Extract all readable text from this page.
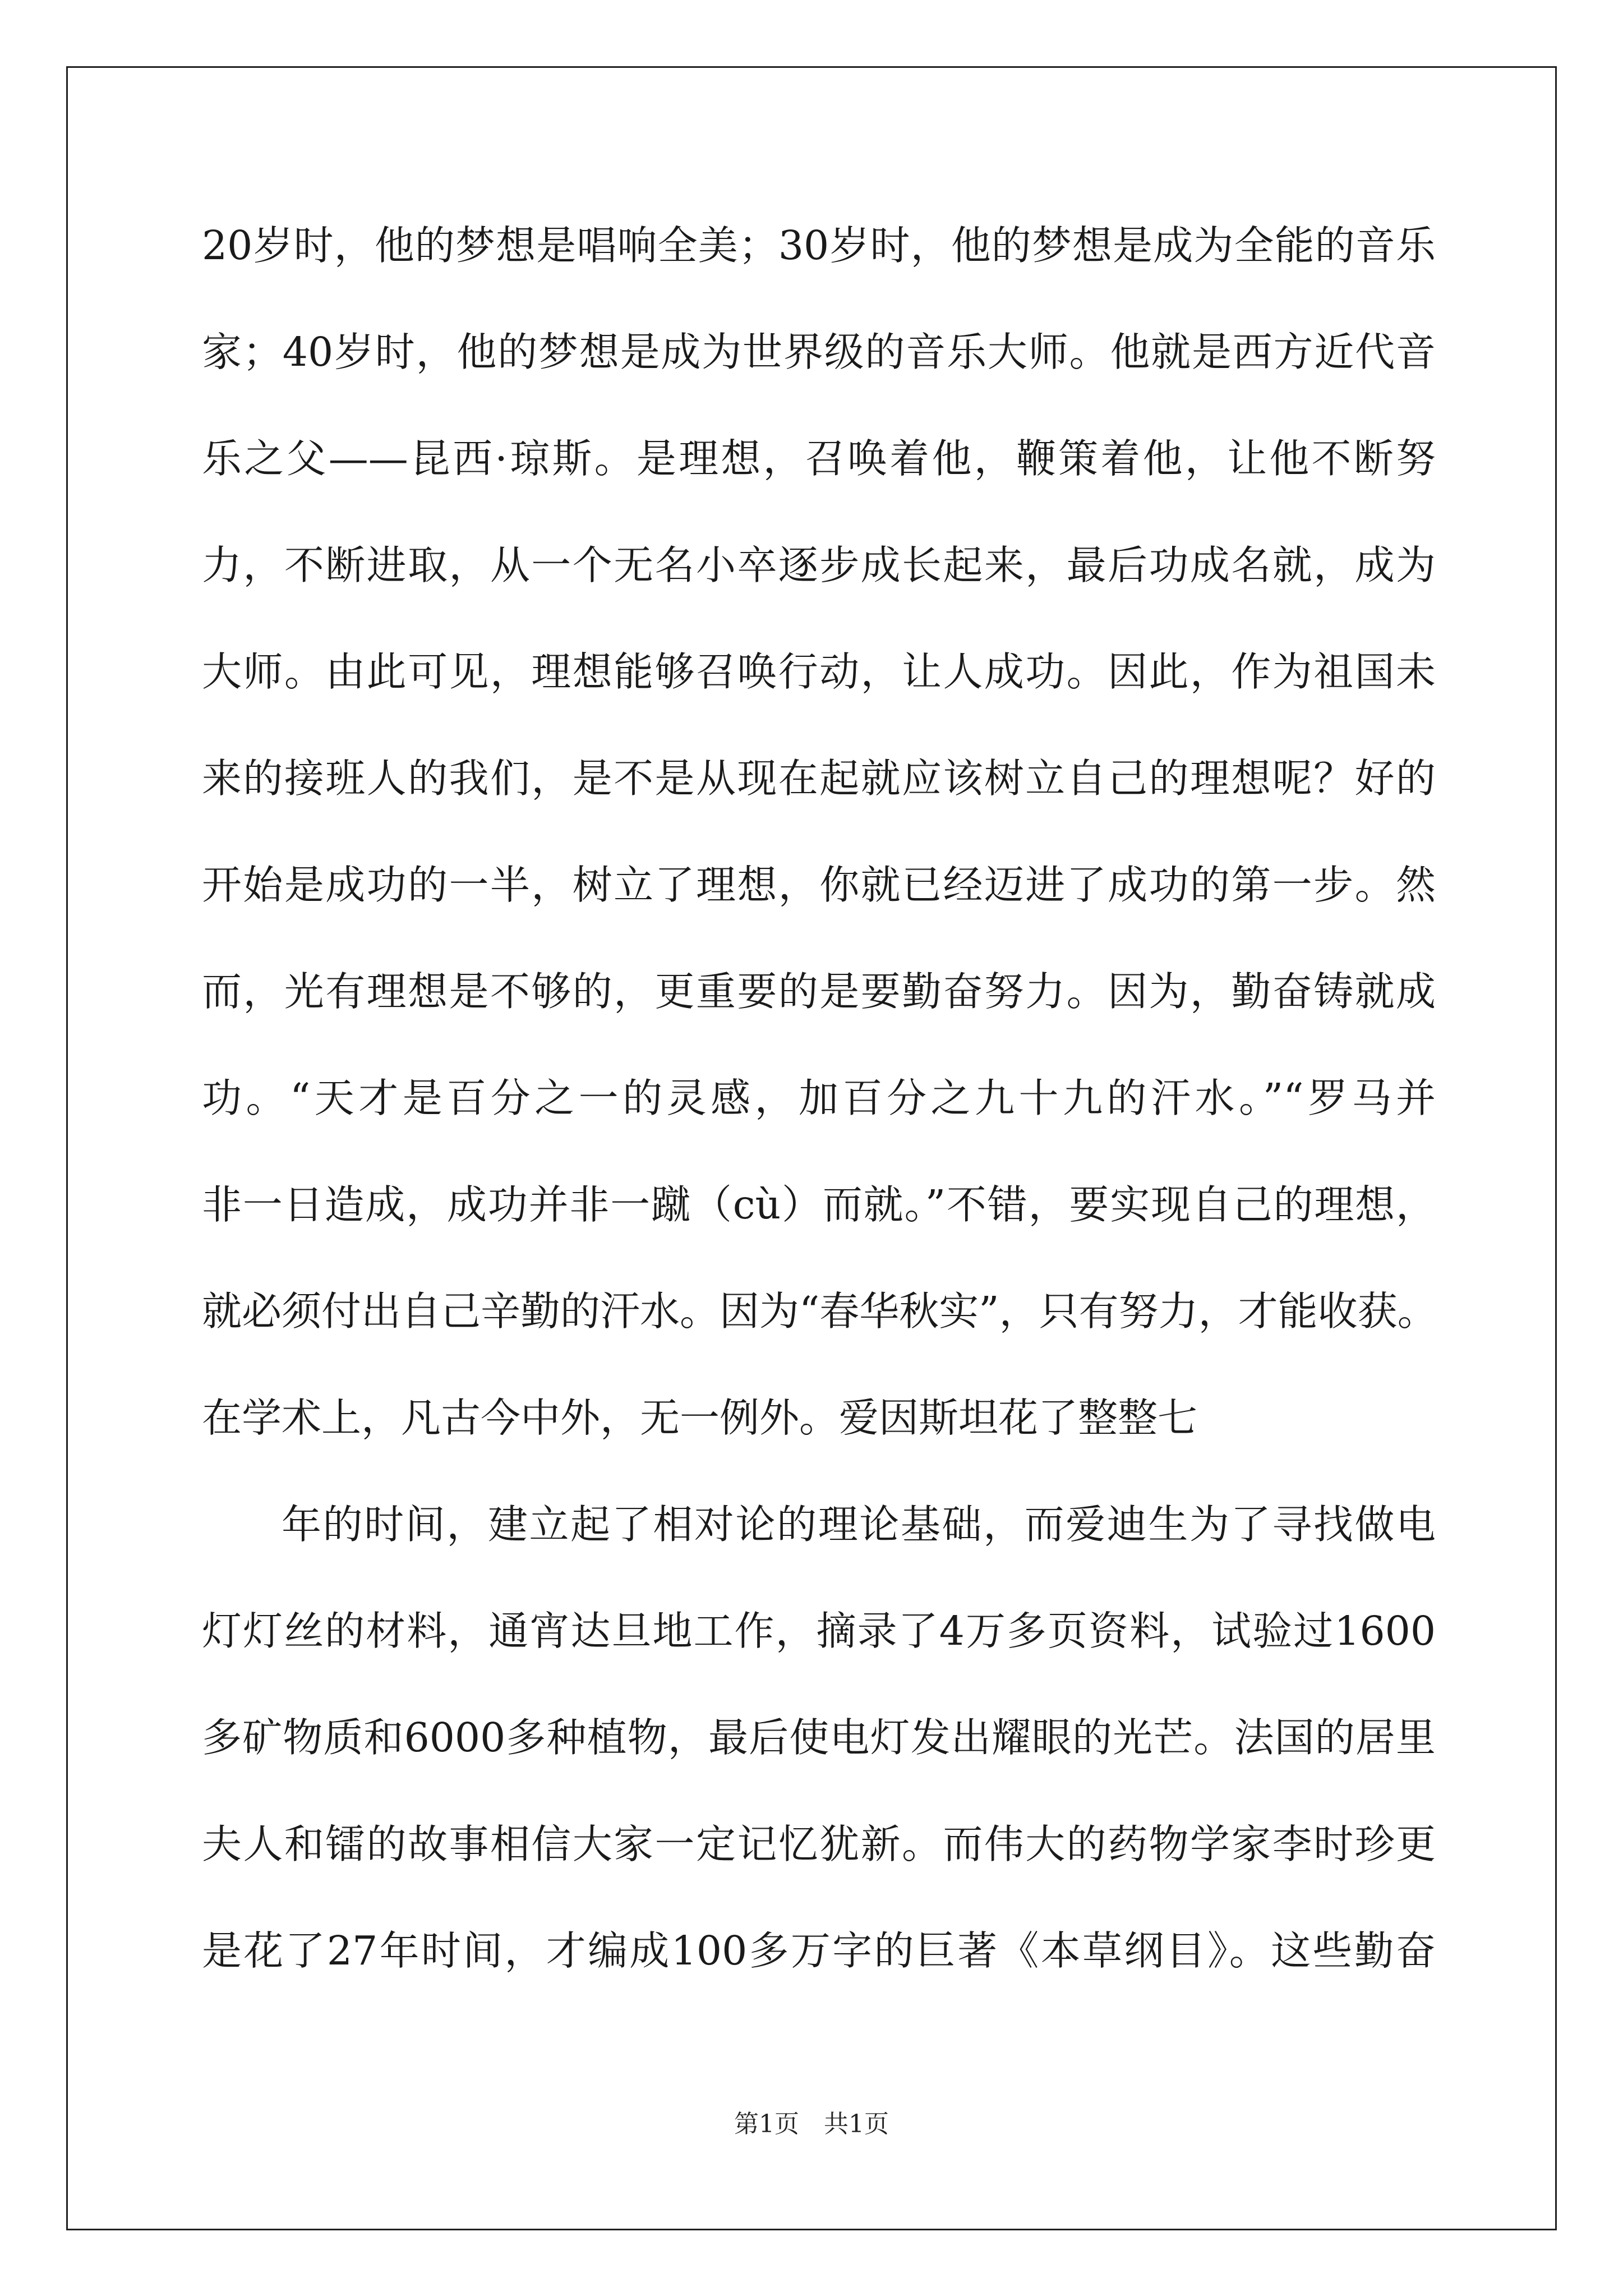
20岁时，他的梦想是唱响全美；30岁时，他的梦想是成为全能的音乐
家；40岁时，他的梦想是成为世界级的音乐大师。他就是西方近代音
乐之父——昆西·琼斯。是理想，召唤着他，鞭策着他，让他不断努
力，不断进取，从一个无名小卒逐步成长起来，最后功成名就，成为
大师。由此可见，理想能够召唤行动，让人成功。因此，作为祖国未
来的接班人的我们，是不是从现在起就应该树立自己的理想呢？好的
开始是成功的一半，树立了理想，你就已经迈进了成功的第一步。然
而，光有理想是不够的，更重要的是要勤奋努力。因为，勤奋铸就成
功。“天才是百分之一的灵感，加百分之九十九的汗水。”“罗马并
非一日造成，成功并非一蹴（cù）而就。”不错，要实现自己的理想，
就必须付出自己辛勤的汗水。因为“春华秋实”，只有努力，才能收获。
在学术上，凡古今中外，无一例外。爱因斯坦花了整整七
年的时间，建立起了相对论的理论基础，而爱迪生为了寻找做电
灯灯丝的材料，通宵达旦地工作，摘录了4万多页资料，试验过1600
多矿物质和6000多种植物，最后使电灯发出耀眼的光芒。法国的居里
夫人和镭的故事相信大家一定记忆犹新。而伟大的药物学家李时珍更
是花了27年时间，才编成100多万字的巨著《本草纲目》。这些勤奋
第1页　共1页
